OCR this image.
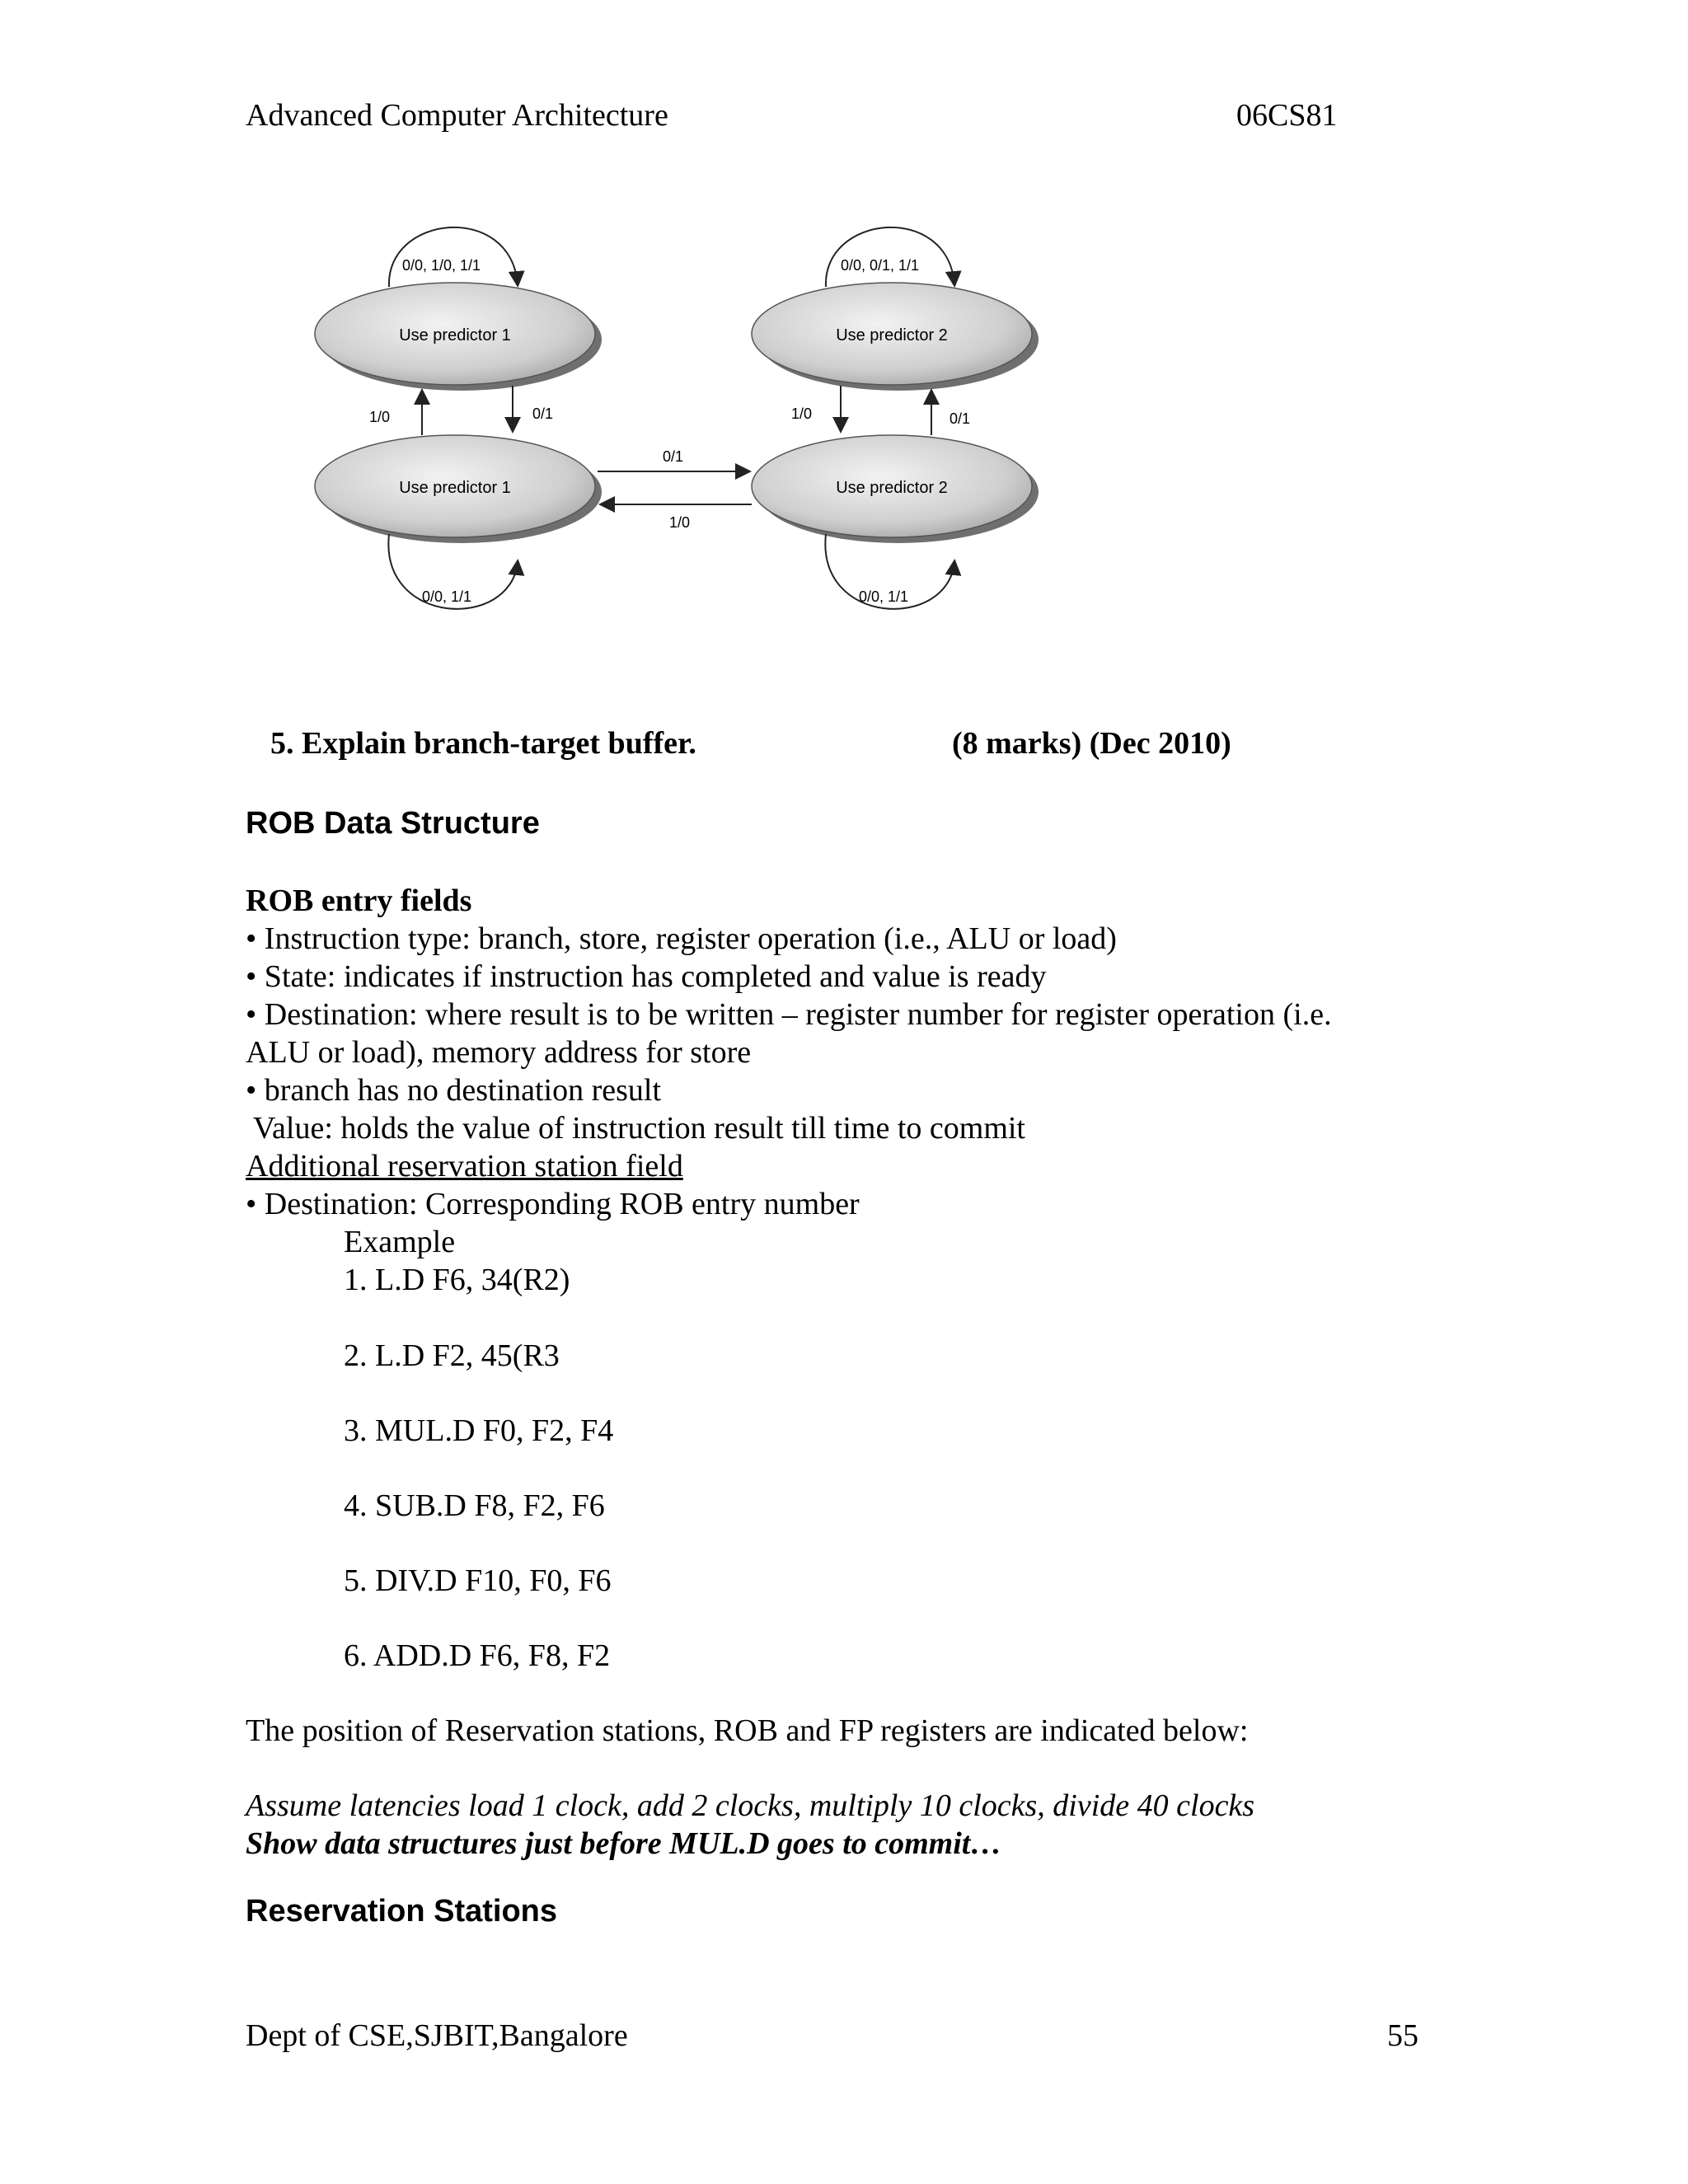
Advanced Computer Architecture	06CS81
Use predictor 1	Use predictor 2
Use predictor 1	Use predictor 2
0/0, 1/0, 1/1	0/0, 0/1, 1/1
0/0, 1/1	0/0, 1/1
1/0	0/1	1/0	0/1
0/1
1/0
5. Explain branch-target buffer.	(8 marks) (Dec 2010)
ROB Data Structure
ROB entry fields
• Instruction type: branch, store, register operation (i.e., ALU or load)
• State: indicates if instruction has completed and value is ready
• Destination: where result is to be written – register number for register operation (i.e.
ALU or load), memory address for store
• branch has no destination result
Value: holds the value of instruction result till time to commit
Additional reservation station field
• Destination: Corresponding ROB entry number
Example
1. L.D F6, 34(R2)
2. L.D F2, 45(R3
3. MUL.D F0, F2, F4
4. SUB.D F8, F2, F6
5. DIV.D F10, F0, F6
6. ADD.D F6, F8, F2
The position of Reservation stations, ROB and FP registers are indicated below:
Assume latencies load 1 clock, add 2 clocks, multiply 10 clocks, divide 40 clocks
Show data structures just before MUL.D goes to commit…
Reservation Stations
Dept of CSE,SJBIT,Bangalore	55
